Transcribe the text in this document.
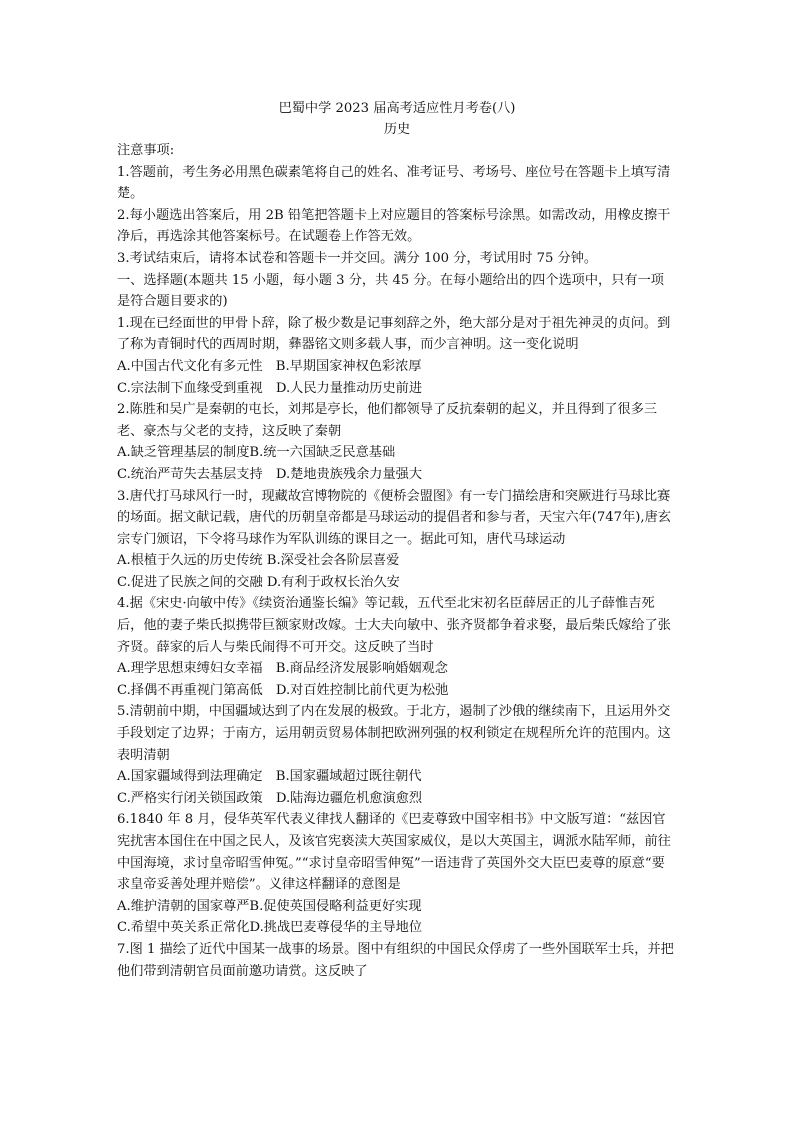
巴蜀中学 2023 届高考适应性月考卷(八)

历史

注意事项:

1.答题前，考生务必用黑色碳素笔将自己的姓名、准考证号、考场号、座位号在答题卡上填写清楚。

2.每小题选出答案后，用 2B 铅笔把答题卡上对应题目的答案标号涂黑。如需改动，用橡皮擦干净后，再选涂其他答案标号。在试题卷上作答无效。

3.考试结束后，请将本试卷和答题卡一并交回。满分 100 分，考试用时 75 分钟。

一、选择题(本题共 15 小题，每小题 3 分，共 45 分。在每小题给出的四个选项中，只有一项是符合题目要求的)

1.现在已经面世的甲骨卜辞，除了极少数是记事刻辞之外，绝大部分是对于祖先神灵的贞问。到了称为青铜时代的西周时期，彝器铭文则多载人事，而少言神明。这一变化说明

A.中国古代文化有多元性　B.早期国家神权色彩浓厚

C.宗法制下血缘受到重视　D.人民力量推动历史前进

2.陈胜和吴广是秦朝的屯长，刘邦是亭长，他们都领导了反抗秦朝的起义，并且得到了很多三老、豪杰与父老的支持，这反映了秦朝

A.缺乏管理基层的制度B.统一六国缺乏民意基础

C.统治严苛失去基层支持　D.楚地贵族残余力量强大

3.唐代打马球风行一时，现藏故宫博物院的《便桥会盟图》有一专门描绘唐和突厥进行马球比赛的场面。据文献记载，唐代的历朝皇帝都是马球运动的提倡者和参与者，天宝六年(747年),唐玄宗专门颁诏，下令将马球作为军队训练的课目之一。据此可知，唐代马球运动

A.根植于久远的历史传统 B.深受社会各阶层喜爱

C.促进了民族之间的交融 D.有利于政权长治久安

4.据《宋史·向敏中传》《续资治通鉴长编》等记载，五代至北宋初名臣薛居正的儿子薛惟吉死后，他的妻子柴氏拟携带巨额家财改嫁。士大夫向敏中、张齐贤都争着求娶，最后柴氏嫁给了张齐贤。薛家的后人与柴氏闹得不可开交。这反映了当时

A.理学思想束缚妇女幸福　B.商品经济发展影响婚姻观念

C.择偶不再重视门第高低　D.对百姓控制比前代更为松弛

5.清朝前中期，中国疆域达到了内在发展的极致。于北方，遏制了沙俄的继续南下，且运用外交手段划定了边界；于南方，运用朝贡贸易体制把欧洲列强的权利锁定在规程所允许的范围内。这表明清朝

A.国家疆域得到法理确定　B.国家疆域超过既往朝代

C.严格实行闭关锁国政策　D.陆海边疆危机愈演愈烈

6.1840 年 8 月，侵华英军代表义律找人翻译的《巴麦尊致中国宰相书》中文版写道：“兹因官宪扰害本国住在中国之民人，及该官宪亵渎大英国家威仪，是以大英国主，调派水陆军师，前往中国海境，求讨皇帝昭雪伸冤。”“求讨皇帝昭雪伸冤”一语违背了英国外交大臣巴麦尊的原意“要求皇帝妥善处理并赔偿”。义律这样翻译的意图是

A.维护清朝的国家尊严B.促使英国侵略利益更好实现

C.希望中英关系正常化D.挑战巴麦尊侵华的主导地位

7.图 1 描绘了近代中国某一战事的场景。图中有组织的中国民众俘虏了一些外国联军士兵，并把他们带到清朝官员面前邀功请赏。这反映了
